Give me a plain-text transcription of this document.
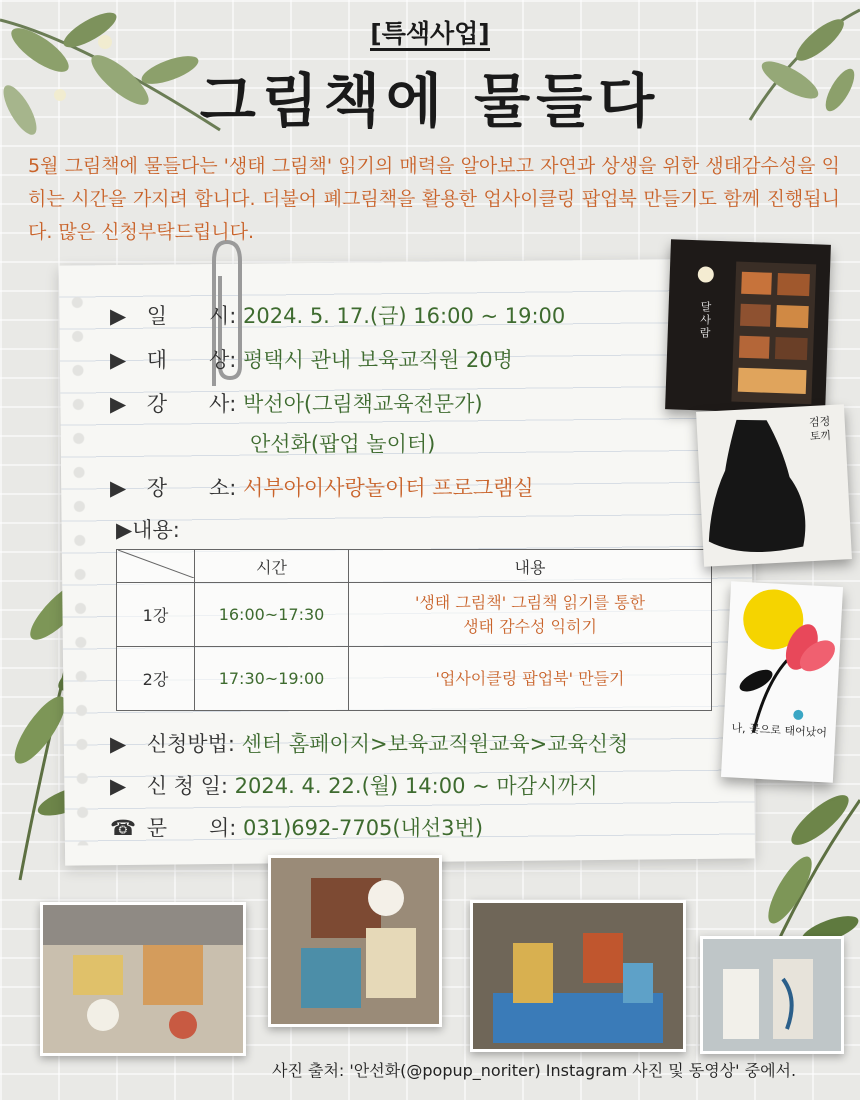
[특색사업]
그림책에 물들다
5월 그림책에 물들다는 '생태 그림책' 읽기의 매력을 알아보고 자연과 상생을 위한 생태감수성을 익히는 시간을 가지려 합니다. 더불어 폐그림책을 활용한 업사이클링 팝업북 만들기도 함께 진행됩니다. 많은 신청부탁드립니다.
▶ 일　　시: 2024. 5. 17.(금) 16:00 ~ 19:00
▶ 대　　상: 평택시 관내 보육교직원 20명
▶ 강　　사: 박선아(그림책교육전문가)
안선화(팝업 놀이터)
▶ 장　　소: 서부아이사랑놀이터 프로그램실
▶내용:
▶ 신청방법: 센터 홈페이지>보육교직원교육>교육신청
▶ 신 청 일: 2024. 4. 22.(월) 14:00 ~ 마감시까지
☎ 문　　의: 031)692-7705(내선3번)
	시간	내용
1강	16:00~17:30	'생태 그림책' 그림책 읽기를 통한
생태 감수성 익히기

2강	17:30~19:00	'업사이클링 팝업북' 만들기
달 사람
검정 토끼
나, 꽃으로 태어났어
사진 출처: '안선화(@popup_noriter) Instagram 사진 및 동영상' 중에서.
